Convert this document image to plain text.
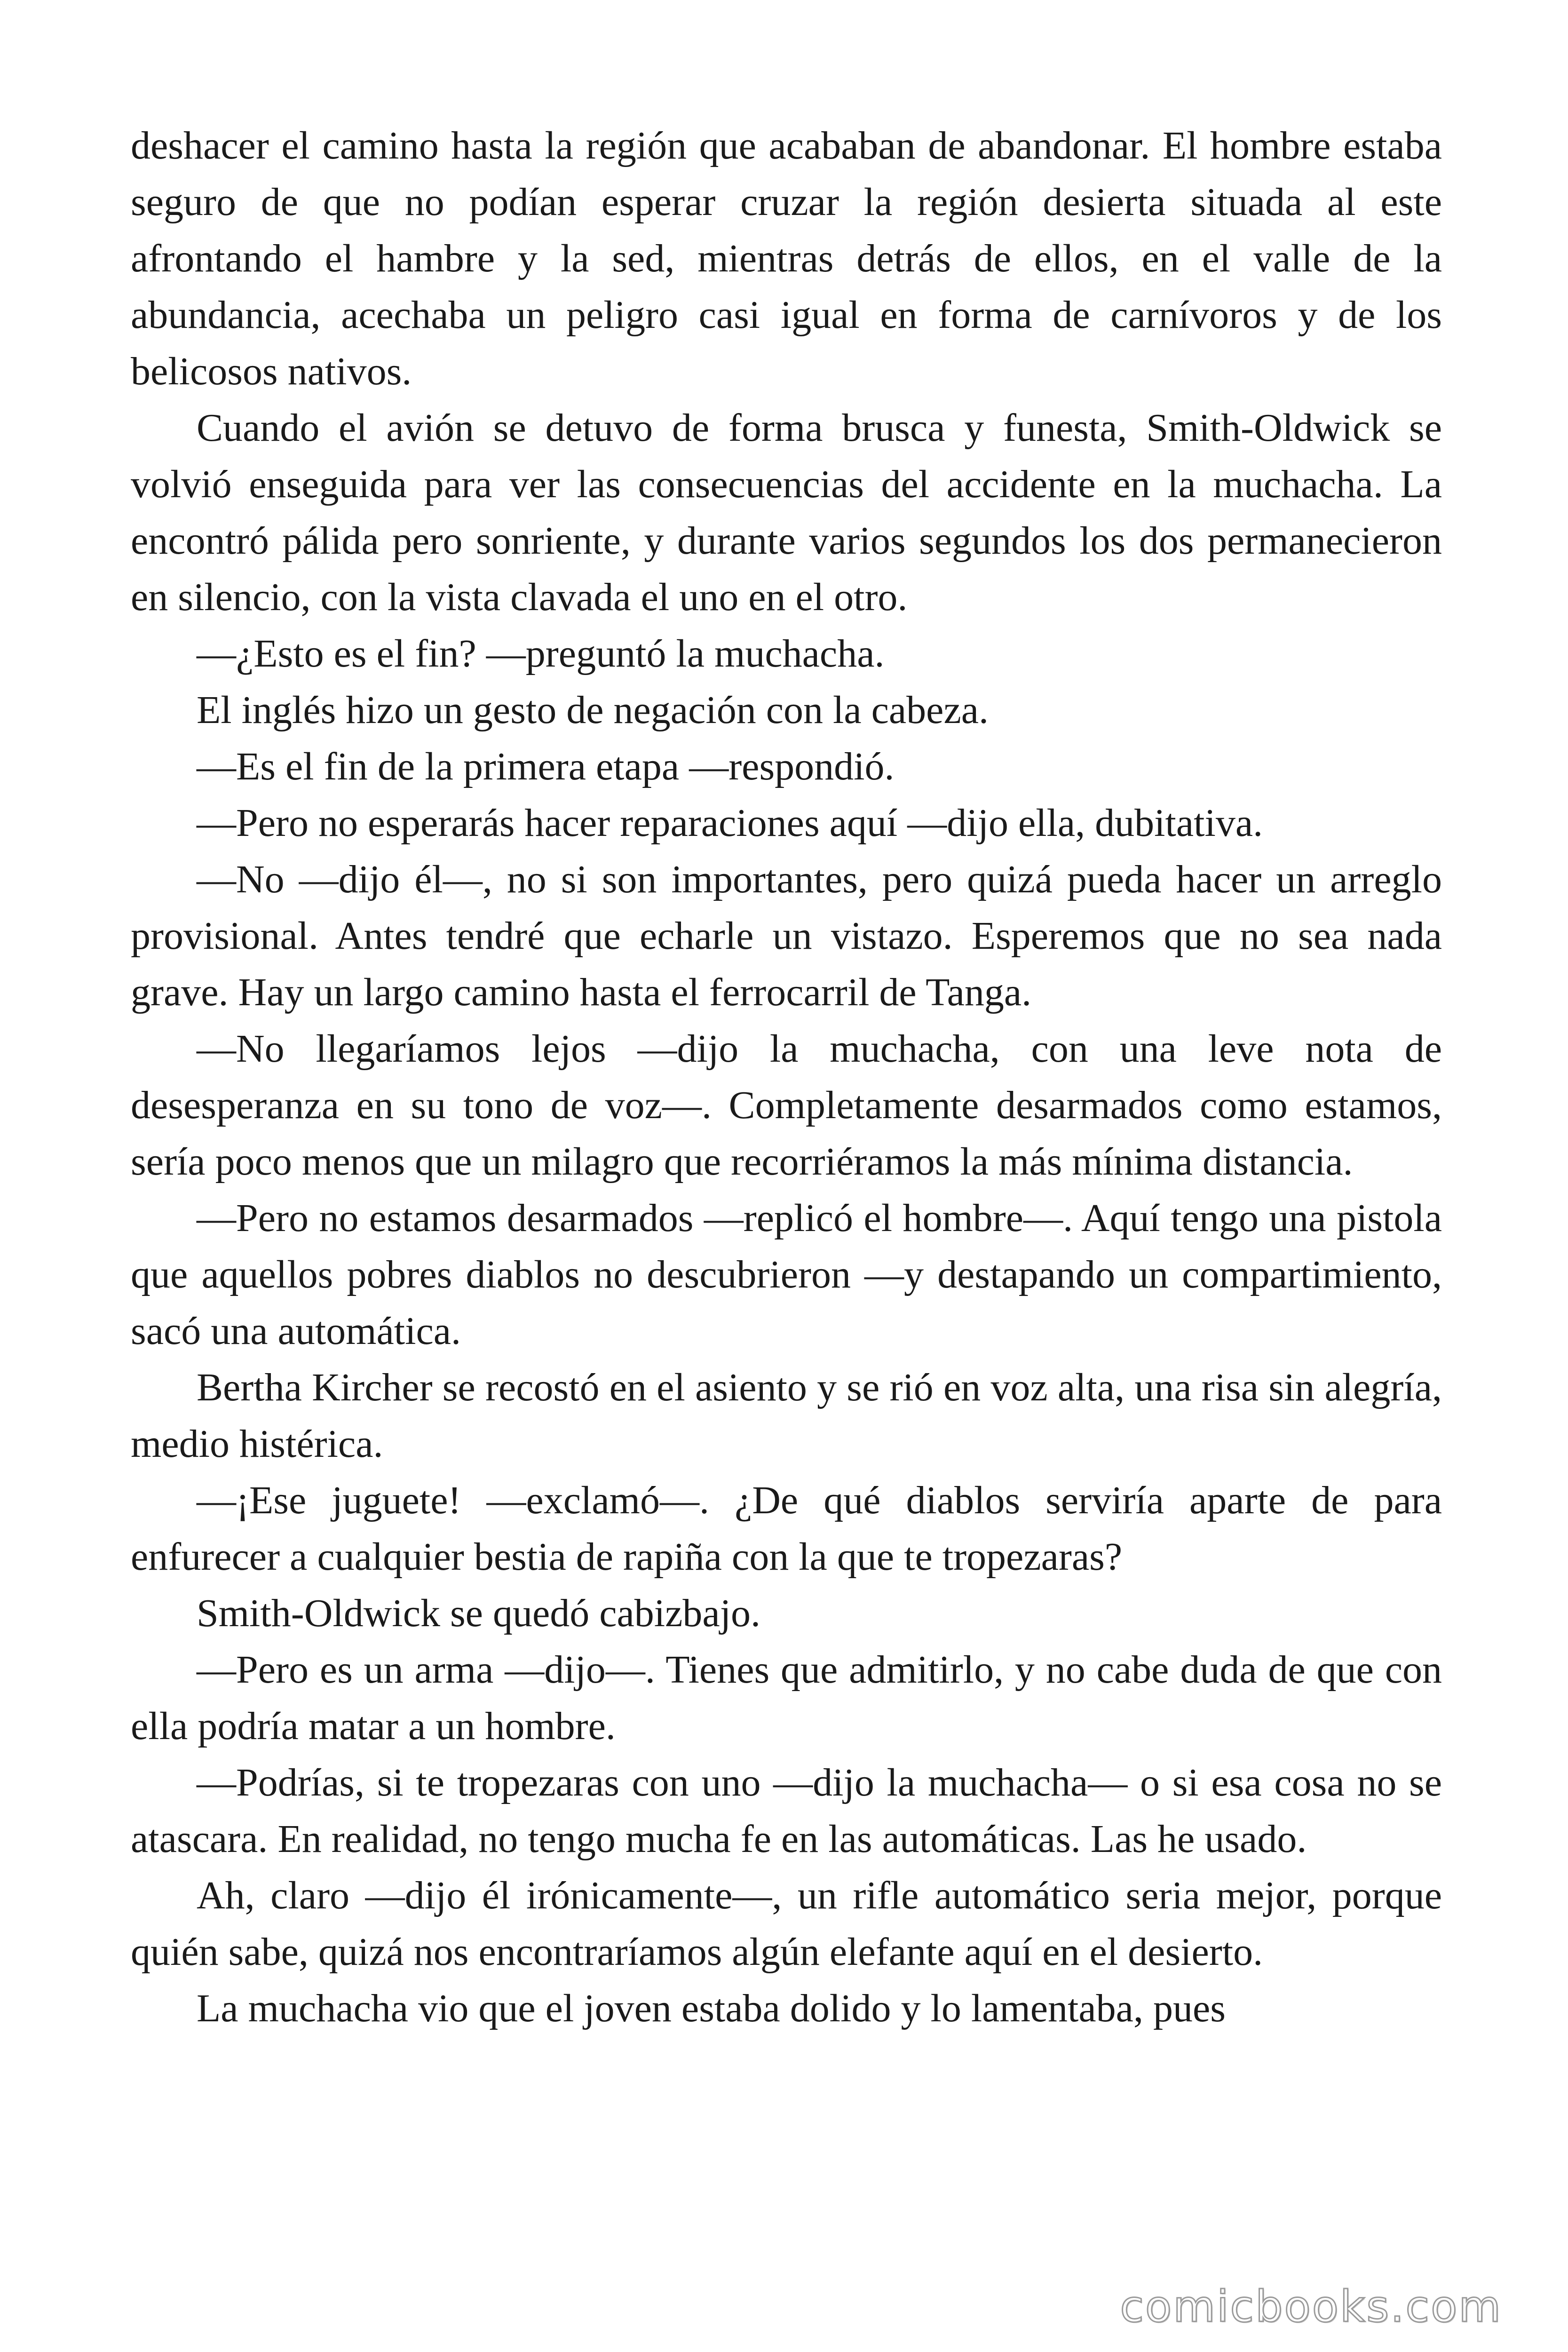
deshacer el camino hasta la región que acababan de abandonar. El hombre estaba seguro de que no podían esperar cruzar la región desierta situada al este afrontando el hambre y la sed, mientras detrás de ellos, en el valle de la abundancia, acechaba un peligro casi igual en forma de carnívoros y de los belicosos nativos.

Cuando el avión se detuvo de forma brusca y funesta, Smith-Oldwick se volvió enseguida para ver las consecuencias del accidente en la muchacha. La encontró pálida pero sonriente, y durante varios segundos los dos permanecieron en silencio, con la vista clavada el uno en el otro.

—¿Esto es el fin? —preguntó la muchacha.

El inglés hizo un gesto de negación con la cabeza.

—Es el fin de la primera etapa —respondió.

—Pero no esperarás hacer reparaciones aquí —dijo ella, dubitativa.

—No —dijo él—, no si son importantes, pero quizá pueda hacer un arreglo provisional. Antes tendré que echarle un vistazo. Esperemos que no sea nada grave. Hay un largo camino hasta el ferrocarril de Tanga.

—No llegaríamos lejos —dijo la muchacha, con una leve nota de desesperanza en su tono de voz—. Completamente desarmados como estamos, sería poco menos que un milagro que recorriéramos la más mínima distancia.

—Pero no estamos desarmados —replicó el hombre—. Aquí tengo una pistola que aquellos pobres diablos no descubrieron —y destapando un compartimiento, sacó una automática.

Bertha Kircher se recostó en el asiento y se rió en voz alta, una risa sin alegría, medio histérica.

—¡Ese juguete! —exclamó—. ¿De qué diablos serviría aparte de para enfurecer a cualquier bestia de rapiña con la que te tropezaras?

Smith-Oldwick se quedó cabizbajo.

—Pero es un arma —dijo—. Tienes que admitirlo, y no cabe duda de que con ella podría matar a un hombre.

—Podrías, si te tropezaras con uno —dijo la muchacha— o si esa cosa no se atascara. En realidad, no tengo mucha fe en las automáticas. Las he usado.

Ah, claro —dijo él irónicamente—, un rifle automático seria mejor, porque quién sabe, quizá nos encontraríamos algún elefante aquí en el desierto.

La muchacha vio que el joven estaba dolido y lo lamentaba, pues

comicbooks.com
